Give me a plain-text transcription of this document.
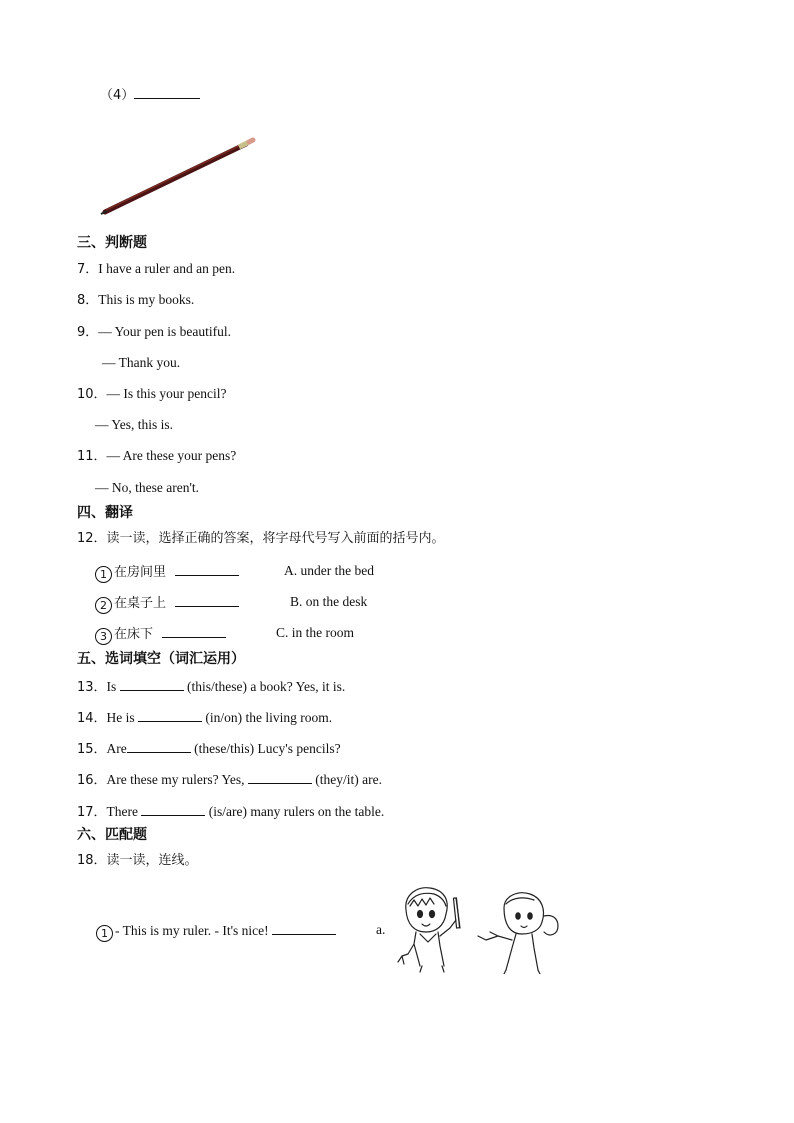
（4）
三、判断题
7．I have a ruler and an pen.
8．This is my books.
9．— Your pen is beautiful.
— Thank you.
10．— Is this your pencil?
— Yes, this is.
11．— Are these your pens?
— No, these aren't.
四、翻译
12．读一读，选择正确的答案，将字母代号写入前面的括号内。
1 在房间里	A. under the bed
2 在桌子上	B. on the desk
3 在床下	C. in the room
五、选词填空（词汇运用）
13．Is	(this/these) a book? Yes, it is.
14．He is	(in/on) the living room.
15．Are	(these/this) Lucy's pencils?
16．Are these my rulers? Yes,	(they/it) are.
17．There	(is/are) many rulers on the table.
六、匹配题
18．读一读，连线。
1 - This is my ruler. - It's nice!	a.
